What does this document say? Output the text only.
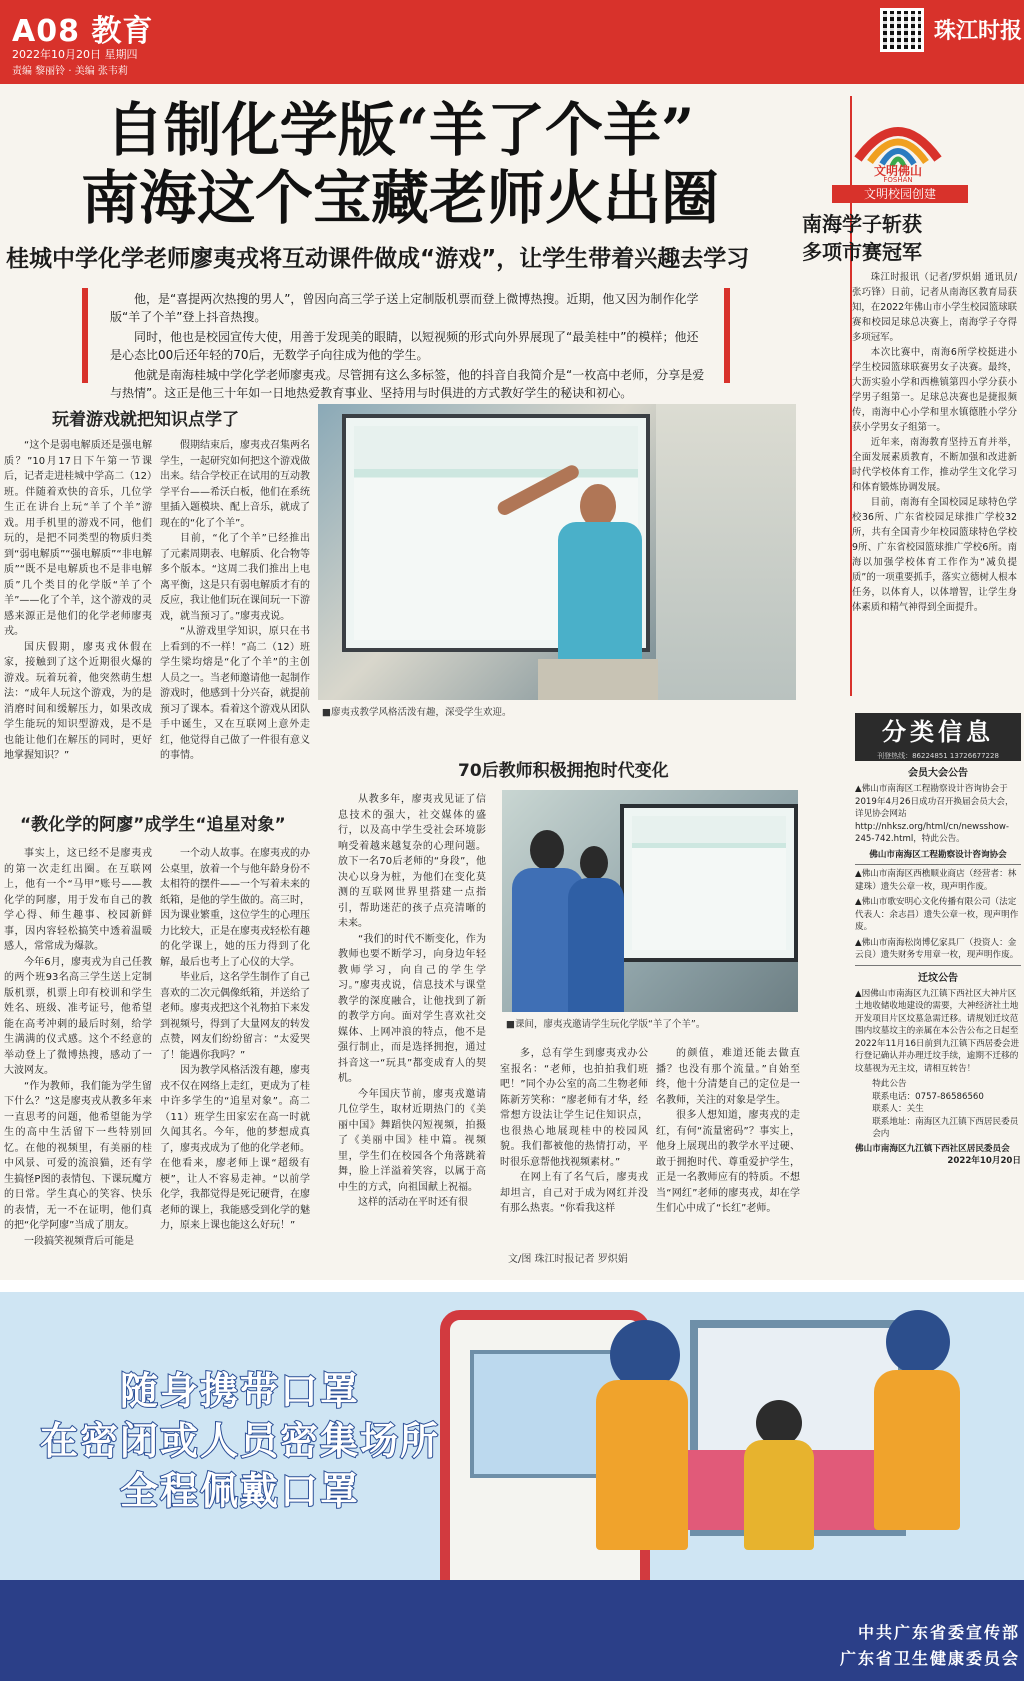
A08 教育
2022年10月20日 星期四
责编 黎丽铃 · 美编 张韦莉
珠江时报
自制化学版“羊了个羊”
南海这个宝藏老师火出圈
桂城中学化学老师廖夷戎将互动课件做成“游戏”，让学生带着兴趣去学习

他，是“喜提两次热搜的男人”，曾因向高三学子送上定制版机票而登上微博热搜。近期，他又因为制作化学版“羊了个羊”登上抖音热搜。

同时，他也是校园宣传大使，用善于发现美的眼睛，以短视频的形式向外界展现了“最美桂中”的模样；他还是心态比00后还年轻的70后，无数学子向往成为他的学生。

他就是南海桂城中学化学老师廖夷戎。尽管拥有这么多标签，他的抖音自我简介是“一枚高中老师，分享是爱与热情”。这正是他三十年如一日地热爱教育事业、坚持用与时俱进的方式教好学生的秘诀和初心。

玩着游戏就把知识点学了

“这个是弱电解质还是强电解质？”10月17日下午第一节课后，记者走进桂城中学高二（12）班。伴随着欢快的音乐，几位学生正在讲台上玩“羊了个羊”游戏。用手机里的游戏不同，他们玩的，是把不同类型的物质归类到“弱电解质”“强电解质”“非电解质”“既不是电解质也不是非电解质”几个类目的化学版“羊了个羊”——化了个羊，这个游戏的灵感来源正是他们的化学老师廖夷戎。

国庆假期，廖夷戎休假在家，接触到了这个近期很火爆的游戏。玩着玩着，他突然萌生想法：“成年人玩这个游戏，为的是消磨时间和缓解压力，如果改成学生能玩的知识型游戏，是不是也能让他们在解压的同时，更好地掌握知识？”

假期结束后，廖夷戎召集两名学生，一起研究如何把这个游戏做出来。结合学校正在试用的互动教学平台——希沃白板，他们在系统里插入题模块、配上音乐，就成了现在的“化了个羊”。

目前，“化了个羊”已经推出了元素周期表、电解质、化合物等多个版本。“这周二我们推出上电离平衡，这是只有弱电解质才有的反应，我让他们玩在课间玩一下游戏，就当预习了。”廖夷戎说。

“从游戏里学知识，原只在书上看到的不一样！”高二（12）班学生梁均熔是“化了个羊”的主创人员之一。当老师邀请他一起制作游戏时，他感到十分兴奋，就提前预习了课本。看着这个游戏从团队手中诞生，又在互联网上意外走红，他觉得自己做了一件很有意义的事情。

■廖夷戎教学风格活泼有趣，深受学生欢迎。
“教化学的阿廖”成学生“追星对象”

事实上，这已经不是廖夷戎的第一次走红出圈。在互联网上，他有一个“马甲”账号——教化学的阿廖，用于发布自己的教学心得、师生趣事、校园新鲜事，因内容轻松搞笑中透着温暖感人，常常成为爆款。

今年6月，廖夷戎为自己任教的两个班93名高三学生送上定制版机票，机票上印有校训和学生姓名、班级、准考证号，他希望能在高考冲刺的最后时刻，给学生满满的仪式感。这个不经意的举动登上了微博热搜，感动了一大波网友。

“作为教师，我们能为学生留下什么？”这是廖夷戎从教多年来一直思考的问题，他希望能为学生的高中生活留下一些特别回忆。在他的视频里，有美丽的桂中风景、可爱的流浪猫，还有学生搞怪P图的表情包、下课玩魔方的日常。学生真心的笑容、快乐的表情，无一不在证明，他们真的把“化学阿廖”当成了朋友。

一段搞笑视频背后可能是

一个动人故事。在廖夷戎的办公桌里，放着一个与他年龄身份不太相符的摆件——一个写着未来的纸箱，是他的学生做的。高三时，因为课业繁重，这位学生的心理压力比较大，正是在廖夷戎轻松有趣的化学课上，她的压力得到了化解，最后也考上了心仪的大学。

毕业后，这名学生制作了自己喜欢的二次元偶像纸箱，并送给了老师。廖夷戎把这个礼物拍下来发到视频号，得到了大量网友的转发点赞，网友们纷纷留言：“太爱哭了！能遇你我吗？”

因为教学风格活泼有趣，廖夷戎不仅在网络上走红，更成为了桂中许多学生的“追星对象”。高二（11）班学生田家宏在高一时就久闻其名。今年，他的梦想成真了，廖夷戎成为了他的化学老师。在他看来，廖老师上课“超级有梗”，让人不容易走神。“以前学化学，我都觉得是死记硬背，在廖老师的课上，我能感受到化学的魅力，原来上课也能这么好玩！”

70后教师积极拥抱时代变化

从教多年，廖夷戎见证了信息技术的强大，社交媒体的盛行，以及高中学生受社会环境影响受着越来越复杂的心理问题。放下一名70后老师的“身段”，他决心以身为桩，为他们在变化莫测的互联网世界里搭建一点指引，帮助迷茫的孩子点亮清晰的未来。

“我们的时代不断变化，作为教师也要不断学习，向身边年轻教师学习，向自己的学生学习。”廖夷戎说，信息技术与课堂教学的深度融合，让他找到了新的教学方向。面对学生喜欢社交媒体、上网冲浪的特点，他不是强行制止，而是选择拥抱，通过抖音这一“玩具”都变成育人的契机。

今年国庆节前，廖夷戎邀请几位学生，取材近期热门的《美丽中国》舞蹈快闪短视频，拍摄了《美丽中国》桂中篇。视频里，学生们在校园各个角落跳着舞，脸上洋溢着笑容，以属于高中生的方式，向祖国献上祝福。

这样的活动在平时还有很

■课间，廖夷戎邀请学生玩化学版“羊了个羊”。

多，总有学生到廖夷戎办公室报名：“老师，也拍拍我们班吧！”同个办公室的高二生物老师陈新芳笑称：“廖老师有才华，经常想方设法让学生记住知识点，也很热心地展现桂中的校园风貌。我们都被他的热情打动，平时很乐意帮他找视频素材。”

在网上有了名气后，廖夷戎却坦言，自己对于成为网红并没有那么热衷。“你看我这样

的颜值，难道还能去做直播？也没有那个流量。”自始至终，他十分清楚自己的定位是一名教师，关注的对象是学生。

很多人想知道，廖夷戎的走红，有何“流量密码”？事实上，他身上展现出的教学水平过硬、敢于拥抱时代、尊重爱护学生，正是一名教师应有的特质。不想当“网红”老师的廖夷戎，却在学生们心中成了“长红”老师。

文/图 珠江时报记者 罗炽娟
文明佛山
FOSHAN
文明校园创建
南海学子斩获
多项市赛冠军

珠江时报讯（记者/罗炽娟 通讯员/张巧锋）日前，记者从南海区教育局获知，在2022年佛山市小学生校园篮球联赛和校园足球总决赛上，南海学子夺得多项冠军。

本次比赛中，南海6所学校挺进小学生校园篮球联赛男女子决赛。最终，大沥实验小学和西樵镇第四小学分获小学男子组第一。足球总决赛也是捷报频传，南海中心小学和里水镇德胜小学分获小学男女子组第一。

近年来，南海教育坚持五育并举，全面发展素质教育，不断加强和改进新时代学校体育工作，推动学生文化学习和体育锻炼协调发展。

目前，南海有全国校园足球特色学校36所、广东省校园足球推广学校32所，共有全国青少年校园篮球特色学校9所、广东省校园篮球推广学校6所。南海以加强学校体育工作作为“减负提质”的一项重要抓手，落实立德树人根本任务，以体育人，以体增智，让学生身体素质和精气神得到全面提升。

分类信息
刊登热线：86224851 13726677228
会员大会公告

▲佛山市南海区工程勘察设计咨询协会于2019年4月26日成功召开换届会员大会，详见协会网站http://nhksz.org/html/cn/newsshow-245-742.html，特此公告。

佛山市南海区工程勘察设计咨询协会

▲佛山市南海区西樵顺业商店（经营者：林建珠）遗失公章一枚，现声明作废。

▲佛山市歌安明心文化传播有限公司（法定代表人：余志昌）遗失公章一枚，现声明作废。

▲佛山市南海松岗博亿家具厂（投资人：金云良）遗失财务专用章一枚，现声明作废。

迁坟公告

▲因佛山市南海区九江镇下西社区大神片区土地收储收地建设的需要，大神经济社土地开发项目片区坟墓急需迁移。请规划迁坟范围内坟墓坟主的亲属在本公告公布之日起至2022年11月16日前到九江镇下西居委会进行登记确认并办理迁坟手续，逾期不迁移的坟墓视为无主坟，请相互转告！

特此公告

联系电话：0757-86586560

联系人：关生

联系地址：南海区九江镇下西居民委员会内

佛山市南海区九江镇下西社区居民委员会

2022年10月20日

随身携带口罩
在密闭或人员密集场所
全程佩戴口罩
中共广东省委宣传部
广东省卫生健康委员会
